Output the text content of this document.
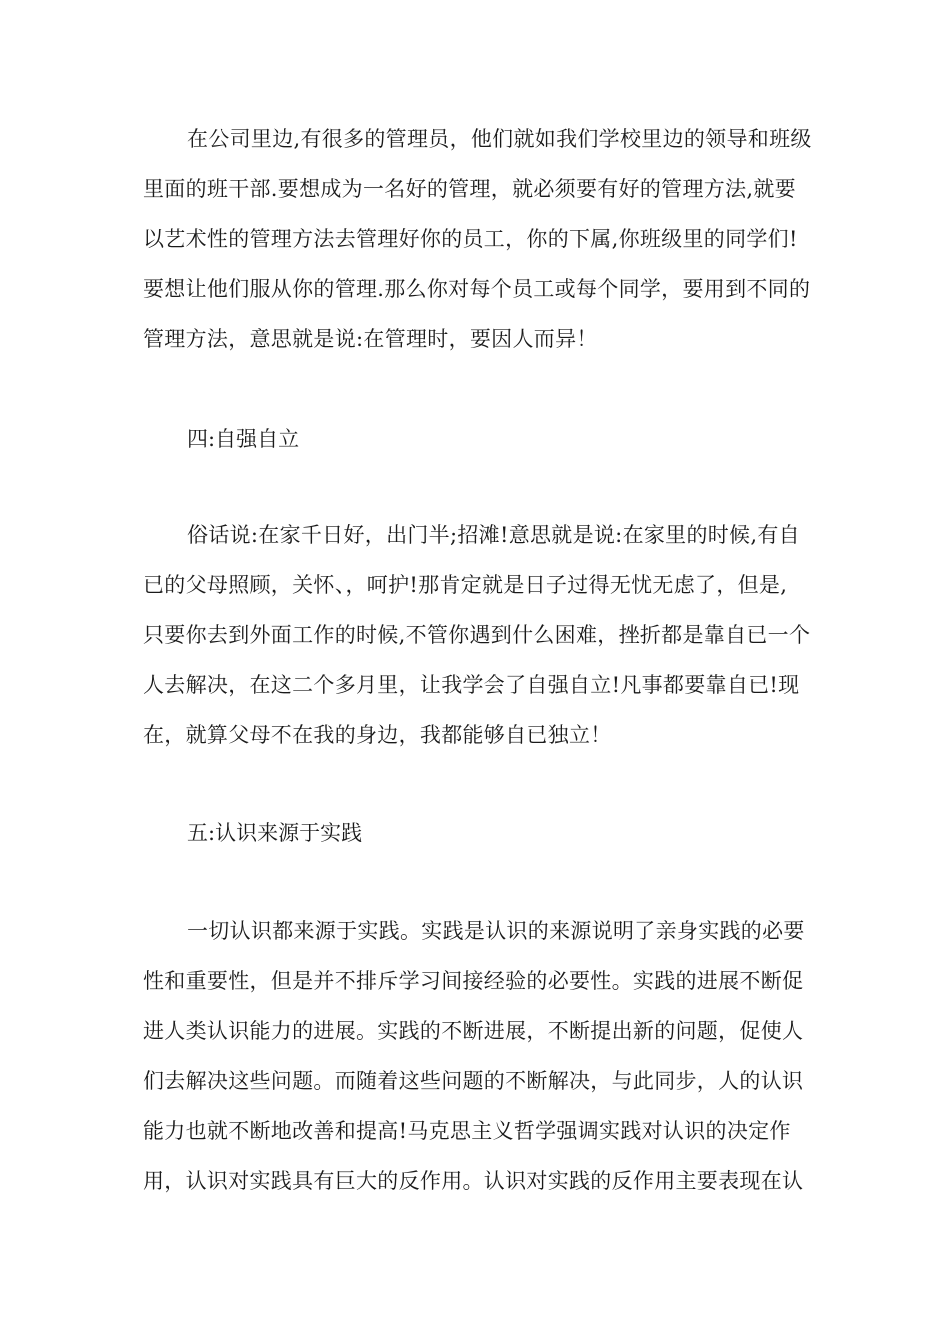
在公司里边,有很多的管理员，他们就如我们学校里边的领导和班级
里面的班干部.要想成为一名好的管理，就必须要有好的管理方法,就要
以艺术性的管理方法去管理好你的员工，你的下属,你班级里的同学们!
要想让他们服从你的管理.那么你对每个员工或每个同学，要用到不同的
管理方法，意思就是说:在管理时，要因人而异！

四:自强自立

俗话说:在家千日好，出门半;招滩!意思就是说:在家里的时候,有自
已的父母照顾，关怀、，呵护!那肯定就是日子过得无忧无虑了，但是,
只要你去到外面工作的时候,不管你遇到什么困难，挫折都是靠自已一个
人去解决，在这二个多月里，让我学会了自强自立!凡事都要靠自已!现
在，就算父母不在我的身边，我都能够自已独立！

五:认识来源于实践

一切认识都来源于实践。实践是认识的来源说明了亲身实践的必要
性和重要性，但是并不排斥学习间接经验的必要性。实践的进展不断促
进人类认识能力的进展。实践的不断进展，不断提出新的问题，促使人
们去解决这些问题。而随着这些问题的不断解决，与此同步，人的认识
能力也就不断地改善和提高!马克思主义哲学强调实践对认识的决定作
用，认识对实践具有巨大的反作用。认识对实践的反作用主要表现在认
